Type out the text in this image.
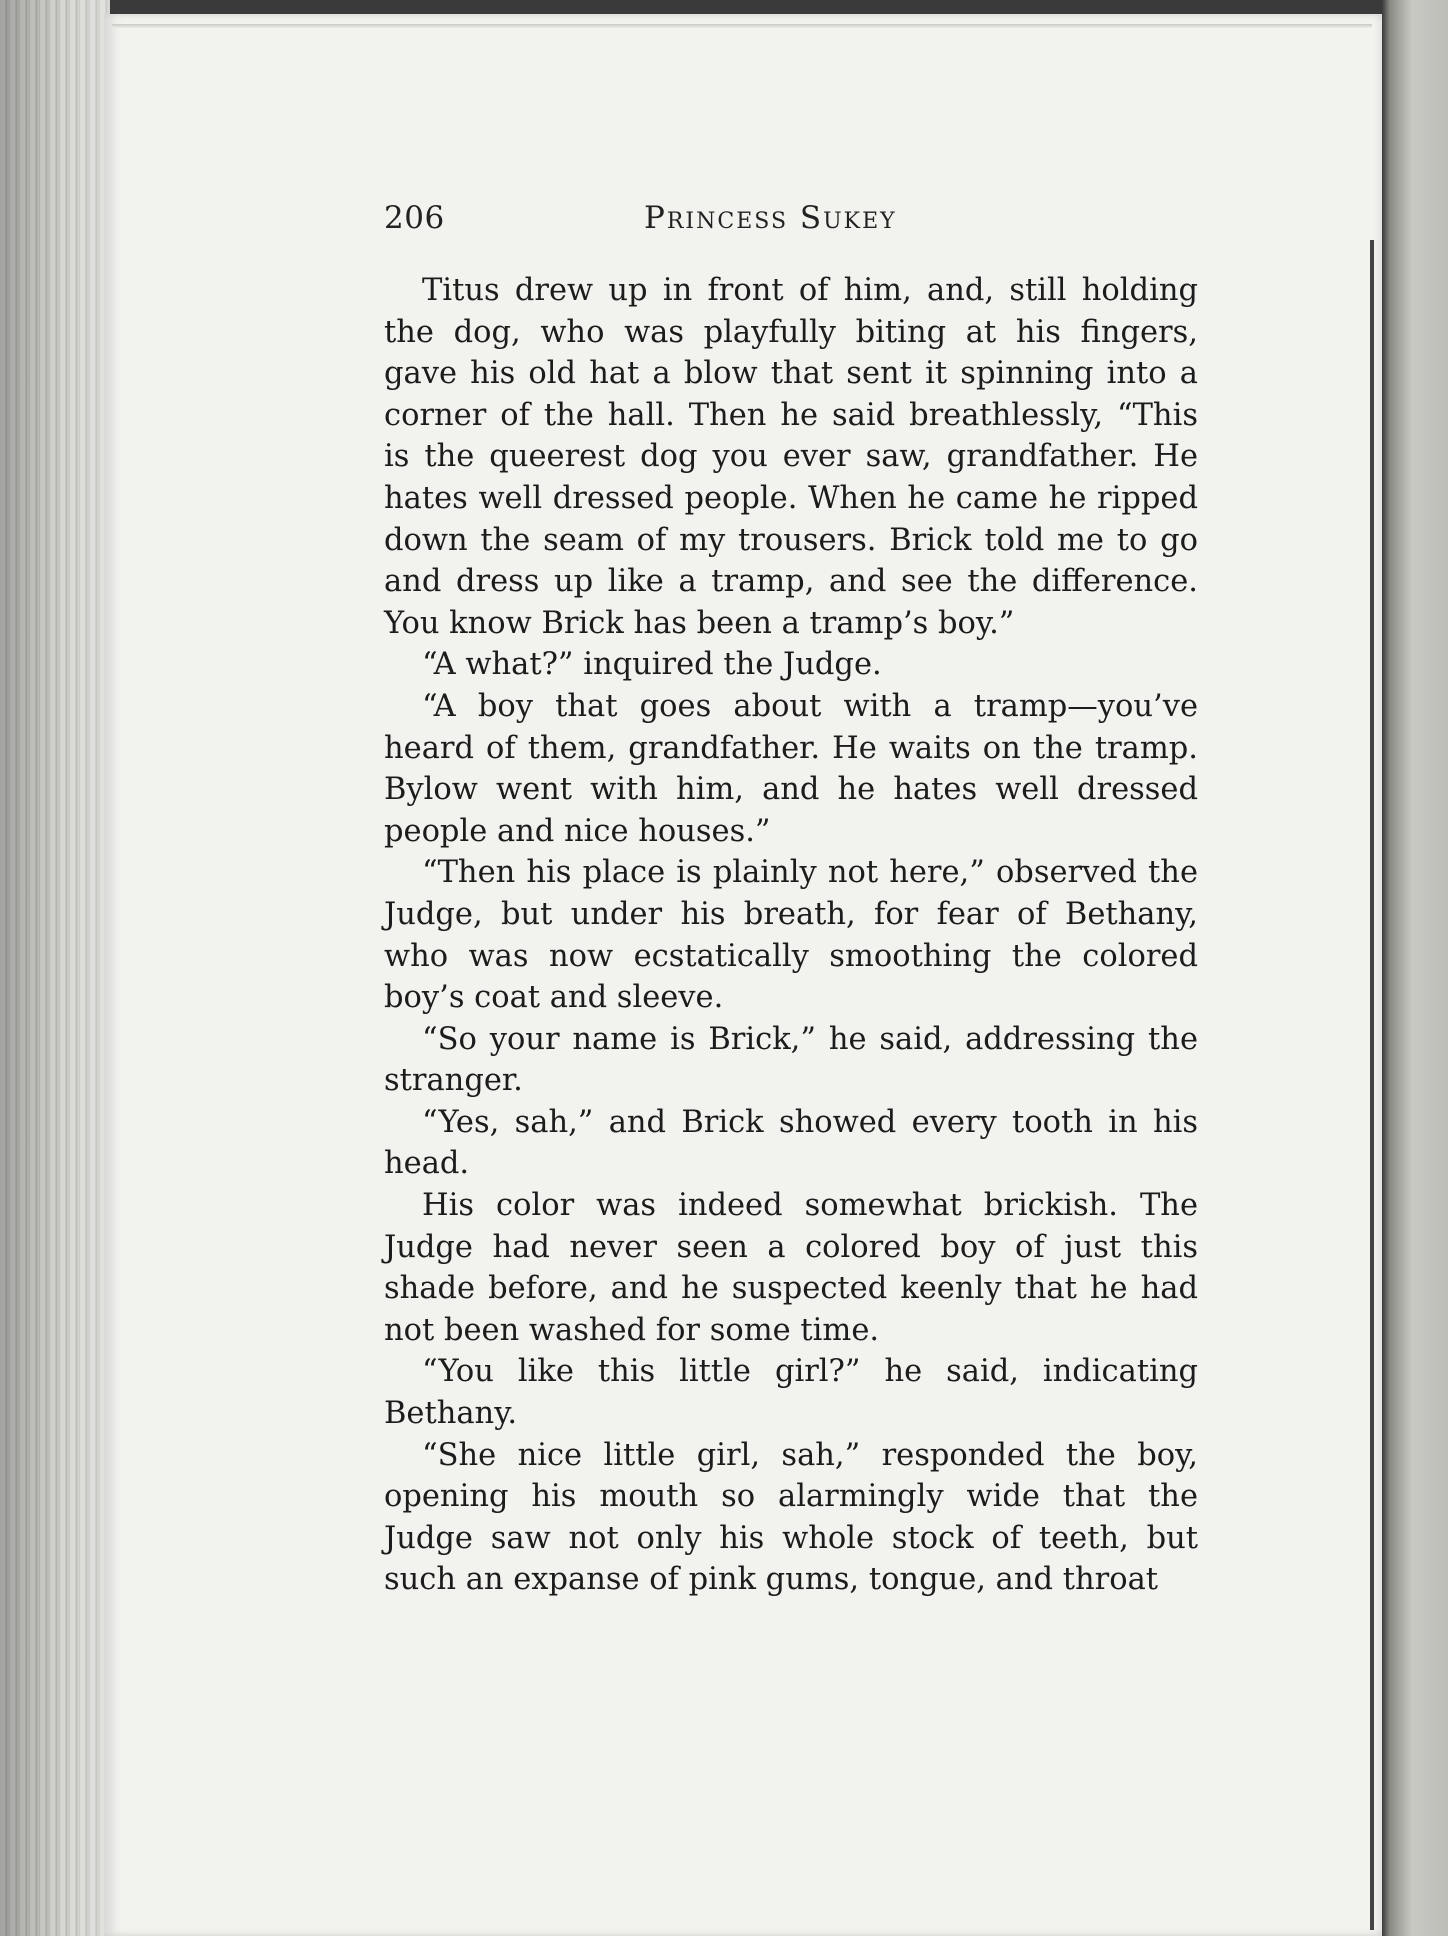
206	Princess Sukey

Titus drew up in front of him, and, still holding the dog, who was playfully biting at his fingers, gave his old hat a blow that sent it spinning into a corner of the hall. Then he said breathlessly, “This is the queerest dog you ever saw, grandfather. He hates well dressed people. When he came he ripped down the seam of my trousers. Brick told me to go and dress up like a tramp, and see the difference. You know Brick has been a tramp’s boy.”

“A what?” inquired the Judge.

“A boy that goes about with a tramp—you’ve heard of them, grandfather. He waits on the tramp. Bylow went with him, and he hates well dressed people and nice houses.”

“Then his place is plainly not here,” observed the Judge, but under his breath, for fear of Bethany, who was now ecstatically smoothing the colored boy’s coat and sleeve.

“So your name is Brick,” he said, addressing the stranger.

“Yes, sah,” and Brick showed every tooth in his head.

His color was indeed somewhat brickish. The Judge had never seen a colored boy of just this shade before, and he suspected keenly that he had not been washed for some time.

“You like this little girl?” he said, indicating Bethany.

“She nice little girl, sah,” responded the boy, opening his mouth so alarmingly wide that the Judge saw not only his whole stock of teeth, but such an expanse of pink gums, tongue, and throat
